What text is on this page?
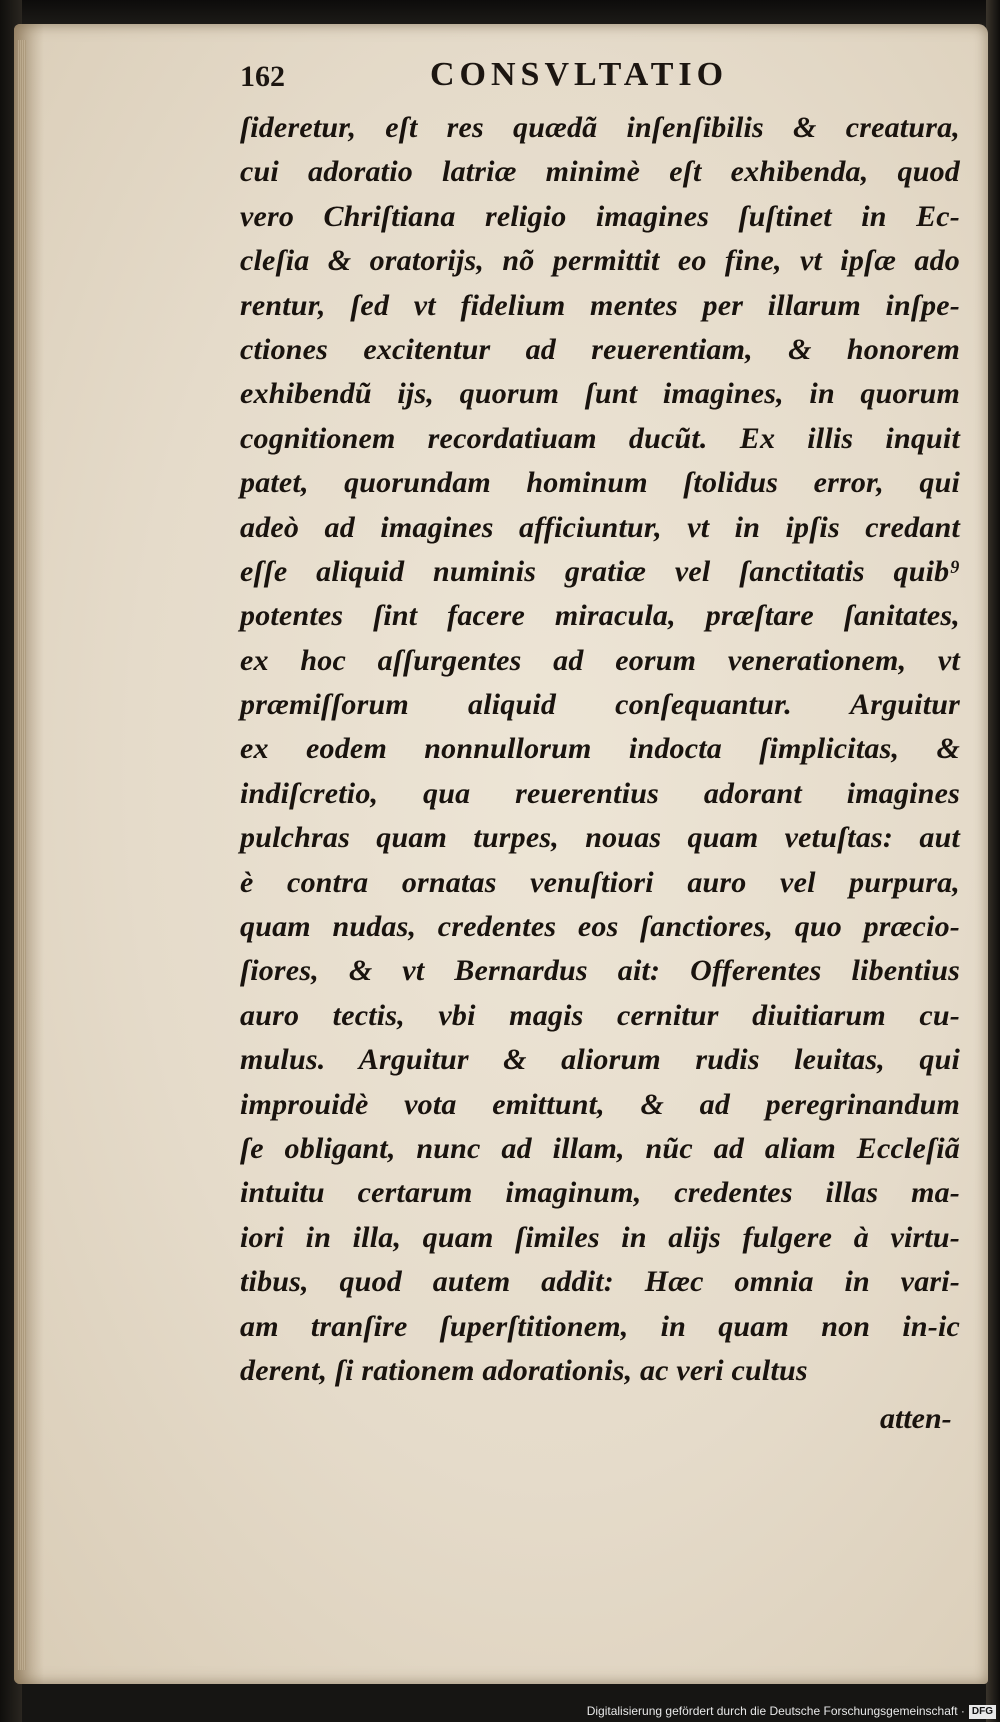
162	CONSVLTATIO
ſideretur, eſt res quædã inſenſibilis & creatura,
cui adoratio latriæ minimè eſt exhibenda, quod
vero Chriſtiana religio imagines ſuſtinet in Ec-
cleſia & oratorijs, nõ permittit eo fine, vt ipſæ ado
rentur, ſed vt fidelium mentes per illarum inſpe-
ctiones excitentur ad reuerentiam, & honorem
exhibendũ ijs, quorum ſunt imagines, in quorum
cognitionem recordatiuam ducũt. Ex illis inquit
patet, quorundam hominum ſtolidus error, qui
adeò ad imagines afficiuntur, vt in ipſis credant
eſſe aliquid numinis gratiæ vel ſanctitatis quib⁹
potentes ſint facere miracula, præſtare ſanitates,
ex hoc aſſurgentes ad eorum venerationem, vt
præmiſſorum aliquid conſequantur. Arguitur
ex eodem nonnullorum indocta ſimplicitas, &
indiſcretio, qua reuerentius adorant imagines
pulchras quam turpes, nouas quam vetuſtas: aut
è contra ornatas venuſtiori auro vel purpura,
quam nudas, credentes eos ſanctiores, quo præcio-
ſiores, & vt Bernardus ait: Offerentes libentius
auro tectis, vbi magis cernitur diuitiarum cu-
mulus. Arguitur & aliorum rudis leuitas, qui
improuidè vota emittunt, & ad peregrinandum
ſe obligant, nunc ad illam, nũc ad aliam Eccleſiã
intuitu certarum imaginum, credentes illas ma-
iori in illa, quam ſimiles in alijs fulgere à virtu-
tibus, quod autem addit: Hæc omnia in vari-
am tranſire ſuperſtitionem, in quam non in-ic
derent, ſi rationem adorationis, ac veri cultus
atten-
Digitalisierung gefördert durch die Deutsche Forschungsgemeinschaft · DFG
